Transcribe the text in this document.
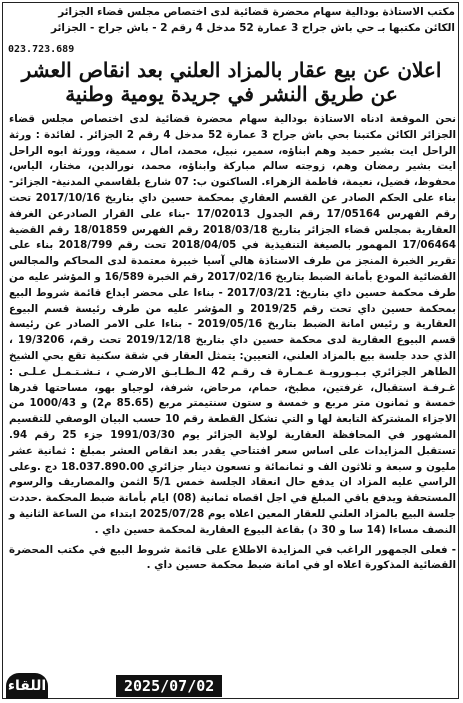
مكتب الاستاذة بودالية سهام محضرة قضائية لدى اختصاص مجلس قضاء الجزائر
الكائن مكتبها بـ حي باش جراح 3 عمارة 52 مدخل 4 رقم 2 - باش جراح - الجزائر
023.723.689
اعلان عن بيع عقار بالمزاد العلني بعد انقاص العشر
عن طريق النشر في جريدة يومية وطنية

نحن الموقعة ادناه الاستاذة بودالية سهام محضرة قضائية لدى اختصاص مجلس قضاء الجزائر الكائن مكتبنا بحي باش جراح 3 عمارة 52 مدخل 4 رقم 2 الجزائر . لفائدة : ورثة الراحل ايت بشير حميد وهم ابناؤه، سمير، نبيل، محمد، امال ، سمية، وورثة ابوه الراحل ايت بشير رمضان وهم، زوجته سالم مباركة وابناؤه، محمد، نورالدين، مختار، الياس، محفوظ، فضيل، نعيمة، فاطمة الزهراء. الساكنون ب: 07 شارع بلقاسمي المدنية- الجزائر- بناء على الحكم الصادر عن القسم العقاري بمحكمة حسين داي بتاريخ 2017/10/16 تحت رقم الفهرس 17/05164 رقم الجدول 17/02013 -بناء على القرار الصادرعن الغرفة العقارية بمجلس قضاء الجزائر بتاريخ 2018/03/18 رقم الفهرس 18/01859 رقم القضية 17/06464 المهمور بالصيغة التنفيذية في 2018/04/05 تحت رقم 2018/799 بناء على تقرير الخبرة المنجز من طرف الاستاذة هالي آسيا خبيرة معتمدة لدى المحاكم والمجالس القضائية المودع بأمانة الضبط بتاريخ 2017/02/16 رقم الخبرة 16/589 و المؤشر عليه من طرف محكمة حسين داي بتاريخ: 2017/03/21 - بناءا على محضر ايداع قائمة شروط البيع بمحكمة حسين داي تحت رقم 2019/25 و المؤشر عليه من طرف رئيسة قسم البيوع العقارية و رئيس امانة الضبط بتاريخ 2019/05/16 - بناءا على الامر الصادر عن رئيسة قسم البيوع العقارية لدى محكمة حسين داي بتاريخ 2019/12/18 تحت رقم، 19/3206 ، الذي حدد جلسة بيع بالمزاد العلني، التعيين: يتمثل العقار في شقة سكنية تقع بحي الشيخ الطاهر الجزائري بـبـوروبـة عـمـارة ف رقـم 42 الـطـابـق الارضـي ، تـشـتـمـل عـلـى : غـرفـة استقبال، غرفتين، مطبخ، حمام، مرحاض، شرفة، لوجياو بهو، مساحتها قدرها خمسة و ثمانون متر مربع و خمسة و ستون سنتيمتر مربع (85.65 م2) و 1000/43 من الاجزاء المشتركة التابعة لها و التي تشكل القطعة رقم 10 حسب البيان الوصفي للتقسيم المشهور في المحافظة العقارية لولاية الجزائر يوم 1991/03/30 جزء 25 رقم 94. تستقبل المزايدات على اساس سعر افتتاحي يقدر بعد انقاص العشر بمبلغ : ثمانية عشر مليون و سبعة و ثلاثون الف و ثمانمائة و تسعون دينار جزائري 18.037.890.00 دج .وعلى الراسي عليه المزاد ان يدفع حال انعقاد الجلسة خمس 5/1 الثمن والمصاريف والرسوم المستحقة ويدفع باقي المبلغ في اجل اقصاه ثمانية (08) ايام بأمانة ضبط المحكمة .حددت جلسة البيع بالمزاد العلني للعقار المعين اعلاه يوم 2025/07/28 ابتداء من الساعة الثانية و النصف مساءا (14 سا و 30 د) بقاعة البيوع العقارية لمحكمة حسين داي .

- فعلى الجمهور الراغب في المزايدة الاطلاع على قائمة شروط البيع في مكتب المحضرة القضائية المذكورة اعلاه او في امانة ضبط محكمة حسين داي .

اللقاء	2025/07/02
